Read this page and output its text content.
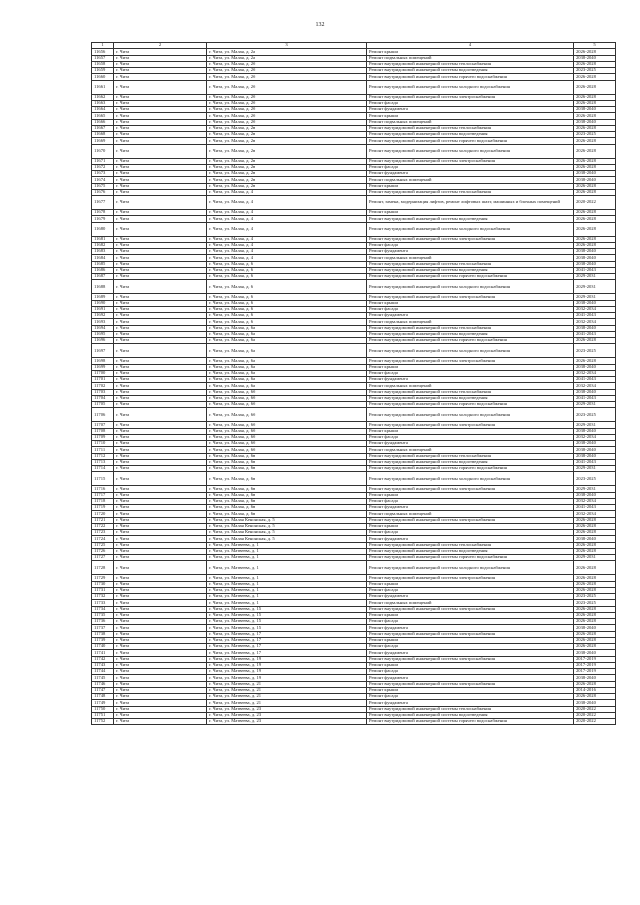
132
1	2	3	4	5
11656	г. Чита	г. Чита, ул. Малая, д. 2а	Ремонт крыши	2026-2028
11657	г. Чита	г. Чита, ул. Малая, д. 2а	Ремонт подвальных помещений	2038-2040
11658	г. Чита	г. Чита, ул. Малая, д. 2б	Ремонт внутридомовой инженерной системы теплоснабжения	2026-2028
11659	г. Чита	г. Чита, ул. Малая, д. 2б	Ремонт внутридомовой инженерной системы водоотведения	2023-2025
11660	г. Чита	г. Чита, ул. Малая, д. 2б	Ремонт внутридомовой инженерной системы горячего водоснабжения	2026-2028
11661	г. Чита	г. Чита, ул. Малая, д. 2б	Ремонт внутридомовой инженерной системы холодного водоснабжения	2026-2028
11662	г. Чита	г. Чита, ул. Малая, д. 2б	Ремонт внутридомовой инженерной системы электроснабжения	2026-2028
11663	г. Чита	г. Чита, ул. Малая, д. 2б	Ремонт фасада	2026-2028
11664	г. Чита	г. Чита, ул. Малая, д. 2б	Ремонт фундамента	2038-2040
11665	г. Чита	г. Чита, ул. Малая, д. 2б	Ремонт крыши	2026-2028
11666	г. Чита	г. Чита, ул. Малая, д. 2б	Ремонт подвальных помещений	2038-2040
11667	г. Чита	г. Чита, ул. Малая, д. 2в	Ремонт внутридомовой инженерной системы теплоснабжения	2026-2028
11668	г. Чита	г. Чита, ул. Малая, д. 2в	Ремонт внутридомовой инженерной системы водоотведения	2023-2025
11669	г. Чита	г. Чита, ул. Малая, д. 2в	Ремонт внутридомовой инженерной системы горячего водоснабжения	2026-2028
11670	г. Чита	г. Чита, ул. Малая, д. 2в	Ремонт внутридомовой инженерной системы холодного водоснабжения	2026-2028
11671	г. Чита	г. Чита, ул. Малая, д. 2в	Ремонт внутридомовой инженерной системы электроснабжения	2026-2028
11672	г. Чита	г. Чита, ул. Малая, д. 2в	Ремонт фасада	2026-2028
11673	г. Чита	г. Чита, ул. Малая, д. 2в	Ремонт фундамента	2038-2040
11674	г. Чита	г. Чита, ул. Малая, д. 2в	Ремонт подвальных помещений	2038-2040
11675	г. Чита	г. Чита, ул. Малая, д. 2в	Ремонт крыши	2026-2028
11676	г. Чита	г. Чита, ул. Малая, д. 4	Ремонт внутридомовой инженерной системы теплоснабжения	2026-2028
11677	г. Чита	г. Чита, ул. Малая, д. 4	Ремонт, замена, модернизация лифтов, ремонт лифтовых шахт, машинных и блочных помещений	2020-2022
11678	г. Чита	г. Чита, ул. Малая, д. 4	Ремонт крыши	2026-2028
11679	г. Чита	г. Чита, ул. Малая, д. 4	Ремонт внутридомовой инженерной системы водоотведения	2026-2028
11680	г. Чита	г. Чита, ул. Малая, д. 4	Ремонт внутридомовой инженерной системы холодного водоснабжения	2026-2028
11681	г. Чита	г. Чита, ул. Малая, д. 4	Ремонт внутридомовой инженерной системы электроснабжения	2026-2028
11682	г. Чита	г. Чита, ул. Малая, д. 4	Ремонт фасада	2026-2028
11683	г. Чита	г. Чита, ул. Малая, д. 4	Ремонт фундамента	2038-2040
11684	г. Чита	г. Чита, ул. Малая, д. 4	Ремонт подвальных помещений	2038-2040
11685	г. Чита	г. Чита, ул. Малая, д. 6	Ремонт внутридомовой инженерной системы теплоснабжения	2038-2040
11686	г. Чита	г. Чита, ул. Малая, д. 6	Ремонт внутридомовой инженерной системы водоотведения	2041-2043
11687	г. Чита	г. Чита, ул. Малая, д. 6	Ремонт внутридомовой инженерной системы горячего водоснабжения	2029-2031
11688	г. Чита	г. Чита, ул. Малая, д. 6	Ремонт внутридомовой инженерной системы холодного водоснабжения	2029-2031
11689	г. Чита	г. Чита, ул. Малая, д. 6	Ремонт внутридомовой инженерной системы электроснабжения	2029-2031
11690	г. Чита	г. Чита, ул. Малая, д. 6	Ремонт крыши	2038-2040
11691	г. Чита	г. Чита, ул. Малая, д. 6	Ремонт фасада	2032-2034
11692	г. Чита	г. Чита, ул. Малая, д. 6	Ремонт фундамента	2041-2043
11693	г. Чита	г. Чита, ул. Малая, д. 6	Ремонт подвальных помещений	2032-2034
11694	г. Чита	г. Чита, ул. Малая, д. 6а	Ремонт внутридомовой инженерной системы теплоснабжения	2038-2040
11695	г. Чита	г. Чита, ул. Малая, д. 6а	Ремонт внутридомовой инженерной системы водоотведения	2041-2043
11696	г. Чита	г. Чита, ул. Малая, д. 6а	Ремонт внутридомовой инженерной системы горячего водоснабжения	2026-2028
11697	г. Чита	г. Чита, ул. Малая, д. 6а	Ремонт внутридомовой инженерной системы холодного водоснабжения	2023-2025
11698	г. Чита	г. Чита, ул. Малая, д. 6а	Ремонт внутридомовой инженерной системы электроснабжения	2026-2028
11699	г. Чита	г. Чита, ул. Малая, д. 6а	Ремонт крыши	2038-2040
11700	г. Чита	г. Чита, ул. Малая, д. 6а	Ремонт фасада	2032-2034
11701	г. Чита	г. Чита, ул. Малая, д. 6а	Ремонт фундамента	2041-2043
11702	г. Чита	г. Чита, ул. Малая, д. 6а	Ремонт подвальных помещений	2032-2034
11703	г. Чита	г. Чита, ул. Малая, д. 6б	Ремонт внутридомовой инженерной системы теплоснабжения	2038-2040
11704	г. Чита	г. Чита, ул. Малая, д. 6б	Ремонт внутридомовой инженерной системы водоотведения	2041-2043
11705	г. Чита	г. Чита, ул. Малая, д. 6б	Ремонт внутридомовой инженерной системы горячего водоснабжения	2029-2031
11706	г. Чита	г. Чита, ул. Малая, д. 6б	Ремонт внутридомовой инженерной системы холодного водоснабжения	2023-2025
11707	г. Чита	г. Чита, ул. Малая, д. 6б	Ремонт внутридомовой инженерной системы электроснабжения	2029-2031
11708	г. Чита	г. Чита, ул. Малая, д. 6б	Ремонт крыши	2038-2040
11709	г. Чита	г. Чита, ул. Малая, д. 6б	Ремонт фасада	2032-2034
11710	г. Чита	г. Чита, ул. Малая, д. 6б	Ремонт фундамента	2038-2040
11711	г. Чита	г. Чита, ул. Малая, д. 6б	Ремонт подвальных помещений	2038-2040
11712	г. Чита	г. Чита, ул. Малая, д. 6в	Ремонт внутридомовой инженерной системы теплоснабжения	2038-2040
11713	г. Чита	г. Чита, ул. Малая, д. 6в	Ремонт внутридомовой инженерной системы водоотведения	2041-2043
11714	г. Чита	г. Чита, ул. Малая, д. 6в	Ремонт внутридомовой инженерной системы горячего водоснабжения	2029-2031
11715	г. Чита	г. Чита, ул. Малая, д. 6в	Ремонт внутридомовой инженерной системы холодного водоснабжения	2023-2025
11716	г. Чита	г. Чита, ул. Малая, д. 6в	Ремонт внутридомовой инженерной системы электроснабжения	2029-2031
11717	г. Чита	г. Чита, ул. Малая, д. 6в	Ремонт крыши	2038-2040
11718	г. Чита	г. Чита, ул. Малая, д. 6в	Ремонт фасада	2032-2034
11719	г. Чита	г. Чита, ул. Малая, д. 6в	Ремонт фундамента	2041-2043
11720	г. Чита	г. Чита, ул. Малая, д. 6в	Ремонт подвальных помещений	2032-2034
11721	г. Чита	г. Чита, ул. Малая Кенонская, д. 5	Ремонт внутридомовой инженерной системы электроснабжения	2026-2028
11722	г. Чита	г. Чита, ул. Малая Кенонская, д. 5	Ремонт крыши	2026-2028
11723	г. Чита	г. Чита, ул. Малая Кенонская, д. 5	Ремонт фасада	2026-2028
11724	г. Чита	г. Чита, ул. Малая Кенонская, д. 5	Ремонт фундамента	2038-2040
11725	г. Чита	г. Чита, ул. Матвеева, д. 1	Ремонт внутридомовой инженерной системы теплоснабжения	2026-2028
11726	г. Чита	г. Чита, ул. Матвеева, д. 1	Ремонт внутридомовой инженерной системы водоотведения	2026-2028
11727	г. Чита	г. Чита, ул. Матвеева, д. 1	Ремонт внутридомовой инженерной системы горячего водоснабжения	2029-2031
11728	г. Чита	г. Чита, ул. Матвеева, д. 1	Ремонт внутридомовой инженерной системы холодного водоснабжения	2026-2028
11729	г. Чита	г. Чита, ул. Матвеева, д. 1	Ремонт внутридомовой инженерной системы электроснабжения	2026-2028
11730	г. Чита	г. Чита, ул. Матвеева, д. 1	Ремонт крыши	2026-2028
11731	г. Чита	г. Чита, ул. Матвеева, д. 1	Ремонт фасада	2026-2028
11732	г. Чита	г. Чита, ул. Матвеева, д. 1	Ремонт фундамента	2023-2025
11733	г. Чита	г. Чита, ул. Матвеева, д. 1	Ремонт подвальных помещений	2023-2025
11734	г. Чита	г. Чита, ул. Матвеева, д. 15	Ремонт внутридомовой инженерной системы электроснабжения	2026-2028
11735	г. Чита	г. Чита, ул. Матвеева, д. 15	Ремонт крыши	2026-2028
11736	г. Чита	г. Чита, ул. Матвеева, д. 15	Ремонт фасада	2026-2028
11737	г. Чита	г. Чита, ул. Матвеева, д. 15	Ремонт фундамента	2038-2040
11738	г. Чита	г. Чита, ул. Матвеева, д. 17	Ремонт внутридомовой инженерной системы электроснабжения	2026-2028
11739	г. Чита	г. Чита, ул. Матвеева, д. 17	Ремонт крыши	2026-2028
11740	г. Чита	г. Чита, ул. Матвеева, д. 17	Ремонт фасада	2026-2028
11741	г. Чита	г. Чита, ул. Матвеева, д. 17	Ремонт фундамента	2038-2040
11742	г. Чита	г. Чита, ул. Матвеева, д. 19	Ремонт внутридомовой инженерной системы электроснабжения	2017-2019
11743	г. Чита	г. Чита, ул. Матвеева, д. 19	Ремонт крыши	2017-2019
11744	г. Чита	г. Чита, ул. Матвеева, д. 19	Ремонт фасада	2017-2019
11745	г. Чита	г. Чита, ул. Матвеева, д. 19	Ремонт фундамента	2038-2040
11746	г. Чита	г. Чита, ул. Матвеева, д. 21	Ремонт внутридомовой инженерной системы электроснабжения	2026-2028
11747	г. Чита	г. Чита, ул. Матвеева, д. 21	Ремонт крыши	2014-2016
11748	г. Чита	г. Чита, ул. Матвеева, д. 21	Ремонт фасада	2026-2028
11749	г. Чита	г. Чита, ул. Матвеева, д. 21	Ремонт фундамента	2038-2040
11750	г. Чита	г. Чита, ул. Матвеева, д. 23	Ремонт внутридомовой инженерной системы теплоснабжения	2020-2022
11751	г. Чита	г. Чита, ул. Матвеева, д. 23	Ремонт внутридомовой инженерной системы водоотведения	2020-2022
11752	г. Чита	г. Чита, ул. Матвеева, д. 23	Ремонт внутридомовой инженерной системы горячего водоснабжения	2020-2022
